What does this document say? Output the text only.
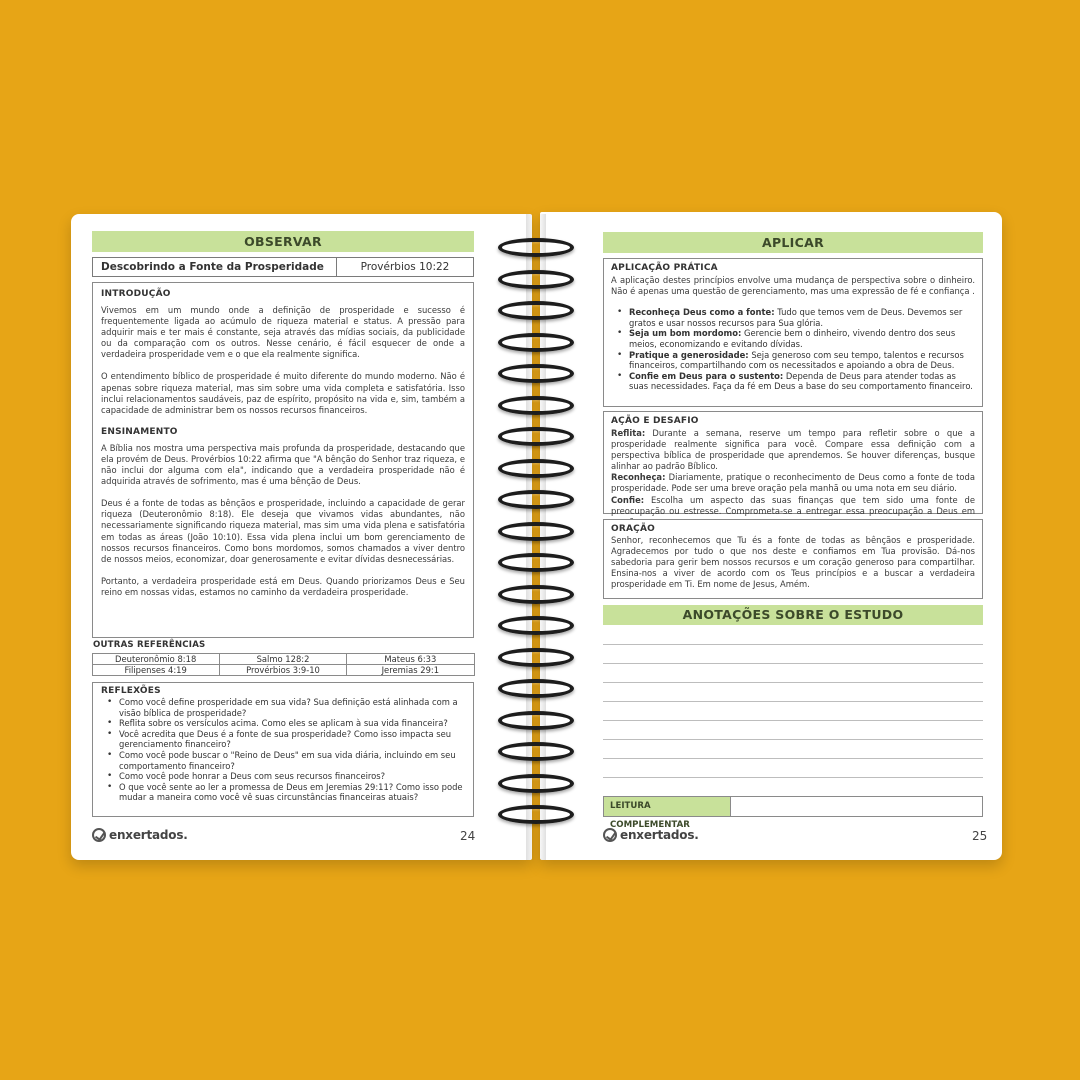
OBSERVAR
Descobrindo a Fonte da Prosperidade	Provérbios 10:22
INTRODUÇÃO
Vivemos em um mundo onde a definição de prosperidade e sucesso é frequentemente ligada ao acúmulo de riqueza material e status. A pressão para adquirir mais e ter mais é constante, seja através das mídias sociais, da publicidade ou da comparação com os outros. Nesse cenário, é fácil esquecer de onde a verdadeira prosperidade vem e o que ela realmente significa.
O entendimento bíblico de prosperidade é muito diferente do mundo moderno. Não é apenas sobre riqueza material, mas sim sobre uma vida completa e satisfatória. Isso inclui relacionamentos saudáveis, paz de espírito, propósito na vida e, sim, também a capacidade de administrar bem os nossos recursos financeiros.
ENSINAMENTO
A Bíblia nos mostra uma perspectiva mais profunda da prosperidade, destacando que ela provém de Deus. Provérbios 10:22 afirma que "A bênção do Senhor traz riqueza, e não inclui dor alguma com ela", indicando que a verdadeira prosperidade não é adquirida através de sofrimento, mas é uma bênção de Deus.
Deus é a fonte de todas as bênçãos e prosperidade, incluindo a capacidade de gerar riqueza (Deuteronômio 8:18). Ele deseja que vivamos vidas abundantes, não necessariamente significando riqueza material, mas sim uma vida plena e satisfatória em todas as áreas (João 10:10). Essa vida plena inclui um bom gerenciamento de nossos recursos financeiros. Como bons mordomos, somos chamados a viver dentro de nossos meios, economizar, doar generosamente e evitar dívidas desnecessárias.
Portanto, a verdadeira prosperidade está em Deus. Quando priorizamos Deus e Seu reino em nossas vidas, estamos no caminho da verdadeira prosperidade.
OUTRAS REFERÊNCIAS
Deuteronômio 8:18	Salmo 128:2	Mateus 6:33
Filipenses 4:19	Provérbios 3:9-10	Jeremias 29:1
REFLEXÕES
• Como você define prosperidade em sua vida? Sua definição está alinhada com a visão bíblica de prosperidade?
• Reflita sobre os versículos acima. Como eles se aplicam à sua vida financeira?
• Você acredita que Deus é a fonte de sua prosperidade? Como isso impacta seu gerenciamento financeiro?
• Como você pode buscar o "Reino de Deus" em sua vida diária, incluindo em seu comportamento financeiro?
• Como você pode honrar a Deus com seus recursos financeiros?
• O que você sente ao ler a promessa de Deus em Jeremias 29:11? Como isso pode mudar a maneira como você vê suas circunstâncias financeiras atuais?
enxertados.	24
APLICAR
APLICAÇÃO PRÁTICA
A aplicação destes princípios envolve uma mudança de perspectiva sobre o dinheiro. Não é apenas uma questão de gerenciamento, mas uma expressão de fé e confiança .
• Reconheça Deus como a fonte: Tudo que temos vem de Deus. Devemos ser gratos e usar nossos recursos para Sua glória.
• Seja um bom mordomo: Gerencie bem o dinheiro, vivendo dentro dos seus meios, economizando e evitando dívidas.
• Pratique a generosidade: Seja generoso com seu tempo, talentos e recursos financeiros, compartilhando com os necessitados e apoiando a obra de Deus.
• Confie em Deus para o sustento: Dependa de Deus para atender todas as suas necessidades. Faça da fé em Deus a base do seu comportamento financeiro.
AÇÃO E DESAFIO
Reflita: Durante a semana, reserve um tempo para refletir sobre o que a prosperidade realmente significa para você. Compare essa definição com a perspectiva bíblica de prosperidade que aprendemos. Se houver diferenças, busque alinhar ao padrão Bíblico.
Reconheça: Diariamente, pratique o reconhecimento de Deus como a fonte de toda prosperidade. Pode ser uma breve oração pela manhã ou uma nota em seu diário.
Confie: Escolha um aspecto das suas finanças que tem sido uma fonte de preocupação ou estresse. Comprometa-se a entregar essa preocupação a Deus em
ORAÇÃO
Senhor, reconhecemos que Tu és a fonte de todas as bênçãos e prosperidade. Agradecemos por tudo o que nos deste e confiamos em Tua provisão. Dá-nos sabedoria para gerir bem nossos recursos e um coração generoso para compartilhar. Ensina-nos a viver de acordo com os Teus princípios e a buscar a verdadeira prosperidade em Ti. Em nome de Jesus, Amém.
ANOTAÇÕES SOBRE O ESTUDO
LEITURA COMPLEMENTAR
enxertados.	25
